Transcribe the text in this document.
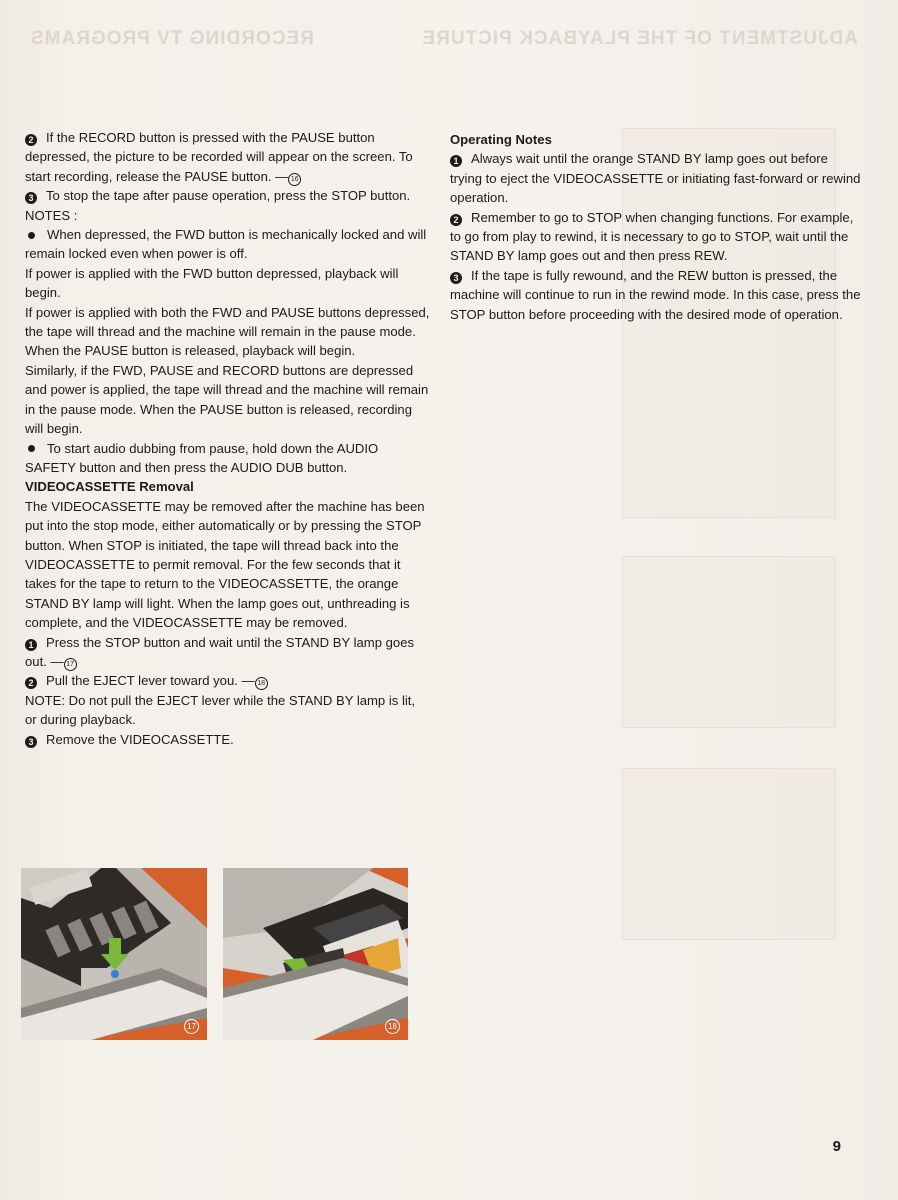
ADJUSTMENT OF THE PLAYBACK PICTURE
RECORDING TV PROGRAMS

2 If the RECORD button is pressed with the PAUSE button depressed, the picture to be recorded will appear on the screen. To start recording, release the PAUSE button. — 16

3 To stop the tape after pause operation, press the STOP button.

NOTES :

When depressed, the FWD button is mechanically locked and will remain locked even when power is off.

If power is applied with the FWD button depressed, playback will begin.

If power is applied with both the FWD and PAUSE buttons depressed, the tape will thread and the machine will remain in the pause mode.

When the PAUSE button is released, playback will begin.

Similarly, if the FWD, PAUSE and RECORD buttons are depressed and power is applied, the tape will thread and the machine will remain in the pause mode. When the PAUSE button is released, recording will begin.

To start audio dubbing from pause, hold down the AUDIO SAFETY button and then press the AUDIO DUB button.

VIDEOCASSETTE Removal

The VIDEOCASSETTE may be removed after the machine has been put into the stop mode, either automatically or by pressing the STOP button. When STOP is initiated, the tape will thread back into the VIDEOCASSETTE to permit removal. For the few seconds that it takes for the tape to return to the VIDEOCASSETTE, the orange STAND BY lamp will light. When the lamp goes out, unthreading is complete, and the VIDEOCASSETTE may be removed.

1 Press the STOP button and wait until the STAND BY lamp goes out. — 17

2 Pull the EJECT lever toward you. — 18

NOTE: Do not pull the EJECT lever while the STAND BY lamp is lit, or during playback.

3 Remove the VIDEOCASSETTE.

Operating Notes

1 Always wait until the orange STAND BY lamp goes out before trying to eject the VIDEOCASSETTE or initiating fast-forward or rewind operation.

2 Remember to go to STOP when changing functions. For example, to go from play to rewind, it is necessary to go to STOP, wait until the STAND BY lamp goes out and then press REW.

3 If the tape is fully rewound, and the REW button is pressed, the machine will continue to run in the rewind mode. In this case, press the STOP button before proceeding with the desired mode of operation.

17	18
9
